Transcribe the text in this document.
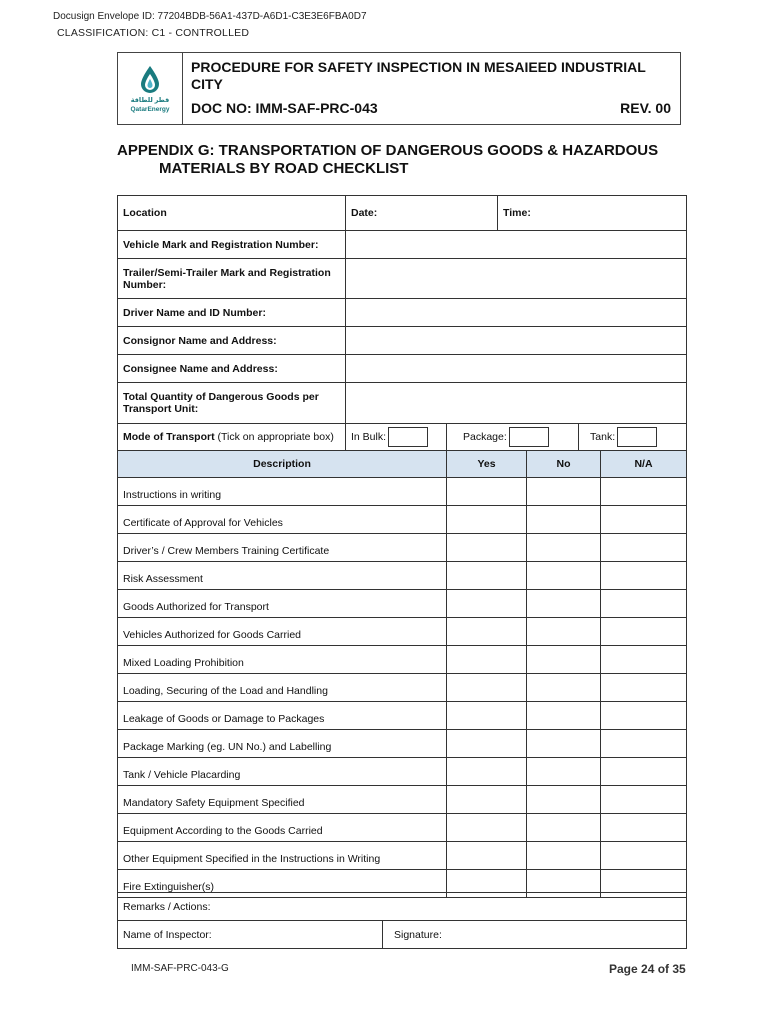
Docusign Envelope ID: 77204BDB-56A1-437D-A6D1-C3E3E6FBA0D7
CLASSIFICATION: C1 - CONTROLLED
قطر للطاقة
QatarEnergy
PROCEDURE FOR SAFETY INSPECTION IN MESAIEED INDUSTRIAL CITY
DOC NO: IMM-SAF-PRC-043	REV. 00
APPENDIX G: TRANSPORTATION OF DANGEROUS GOODS & HAZARDOUS
MATERIALS BY ROAD CHECKLIST
Location	Date:		Time:	
Vehicle Mark and Registration Number:				
Trailer/Semi-Trailer Mark and Registration Number:				
Driver Name and ID Number:				
Consignor Name and Address:				
Consignee Name and Address:				
Total Quantity of Dangerous Goods per Transport Unit:				
Mode of Transport (Tick on appropriate box)	In Bulk:	Package:		Tank:
Description	Yes	No	N/A
Instructions in writing			
Certificate of Approval for Vehicles			
Driver’s / Crew Members Training Certificate			
Risk Assessment			
Goods Authorized for Transport			
Vehicles Authorized for Goods Carried			
Mixed Loading Prohibition			
Loading, Securing of the Load and Handling			
Leakage of Goods or Damage to Packages			
Package Marking (eg. UN No.) and Labelling			
Tank / Vehicle Placarding			
Mandatory Safety Equipment Specified			
Equipment According to the Goods Carried			
Other Equipment Specified in the Instructions in Writing			
Fire Extinguisher(s)			
Remarks / Actions:
Name of Inspector:	Signature:
IMM-SAF-PRC-043-G	Page 24 of 35
